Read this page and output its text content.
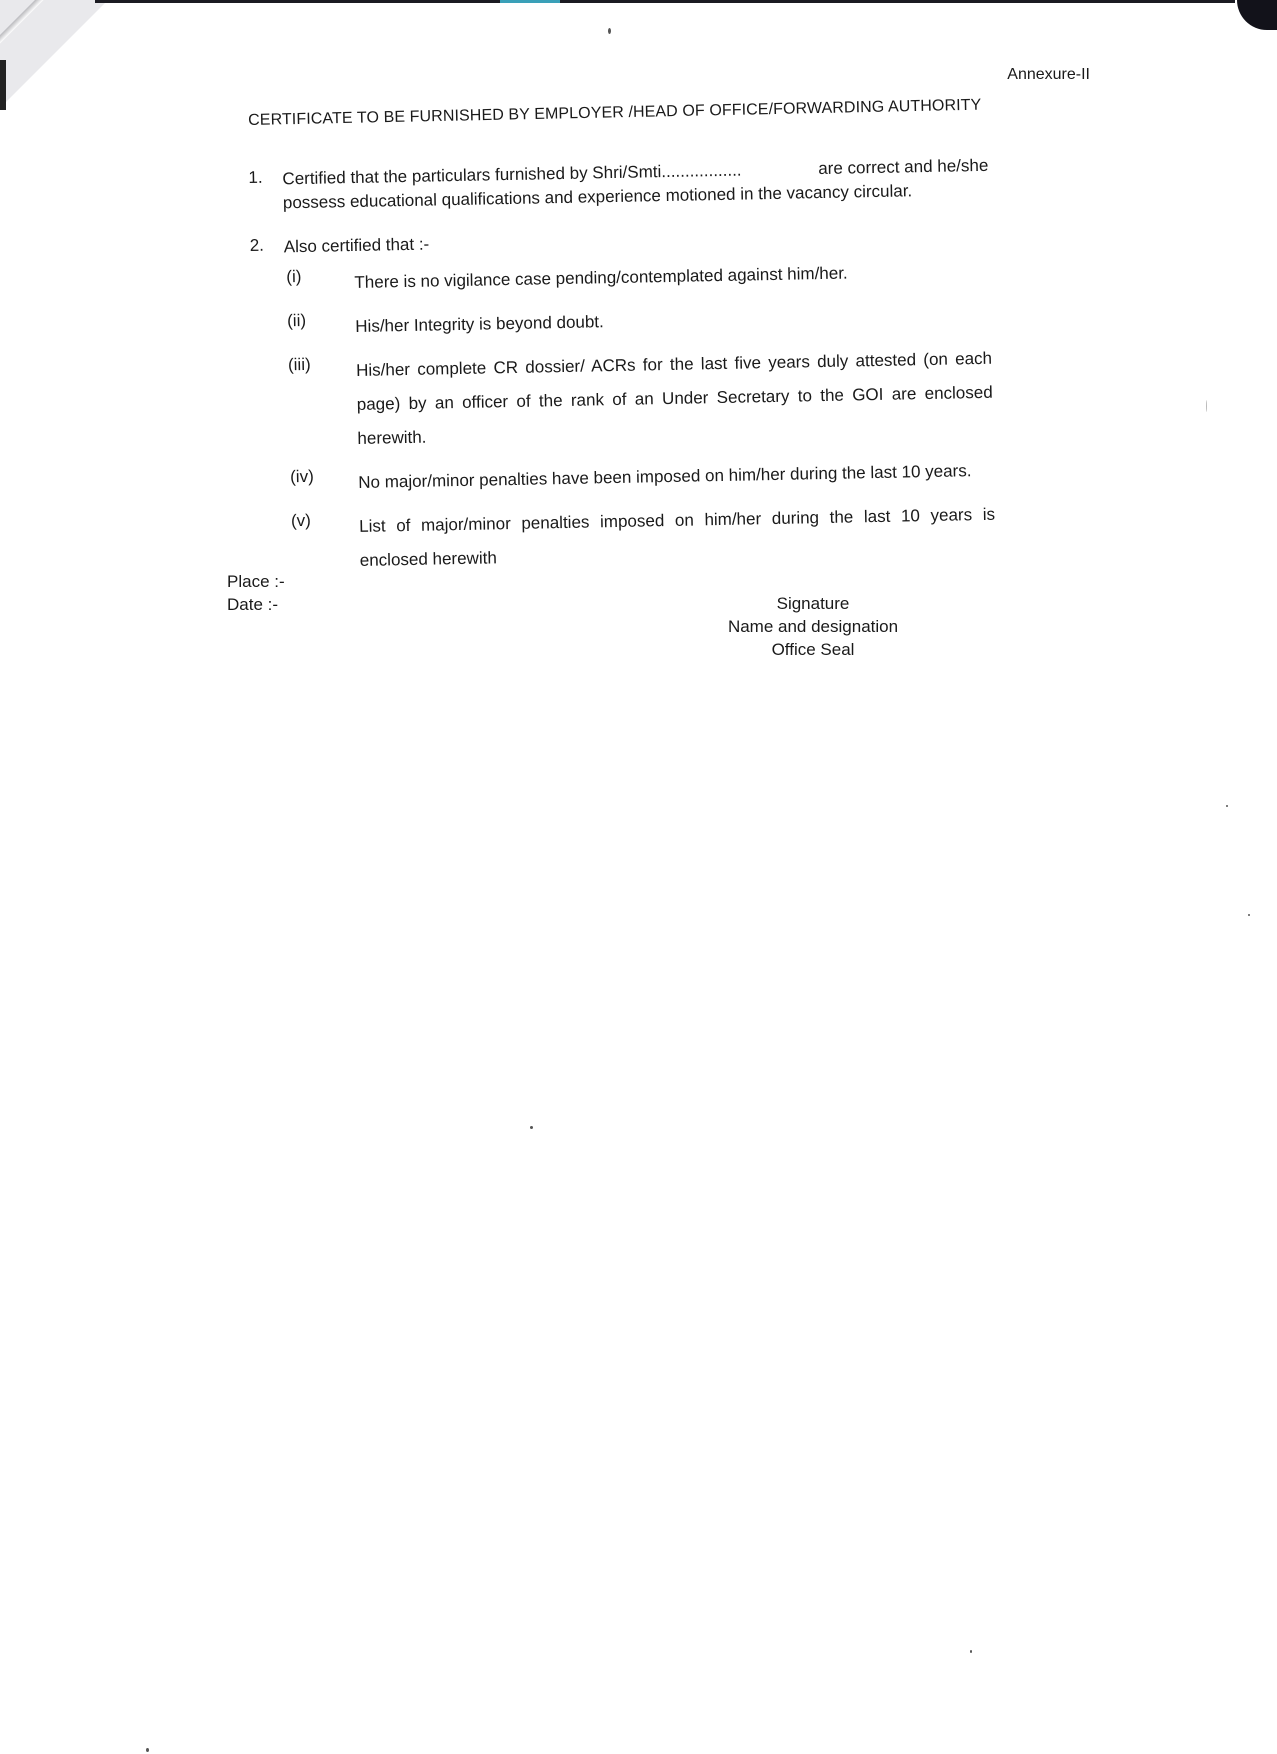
Annexure-II
CERTIFICATE TO BE FURNISHED BY EMPLOYER /HEAD OF OFFICE/FORWARDING AUTHORITY
1.	Certified that the particulars furnished by Shri/Smti.................	are correct and he/she
possess educational qualifications and experience motioned in the vacancy circular.
2.	Also certified that :-
(i)	There is no vigilance case pending/contemplated against him/her.
(ii)	His/her Integrity is beyond doubt.
(iii)	His/her complete CR dossier/ ACRs for the last five years duly attested (on each page) by an officer of the rank of an Under Secretary to the GOI are enclosed herewith.
(iv)	No major/minor penalties have been imposed on him/her during the last 10 years.
(v)	List of major/minor penalties imposed on him/her during the last 10 years is enclosed herewith
Place :-
Date :-	Signature
Name and designation
Office Seal
